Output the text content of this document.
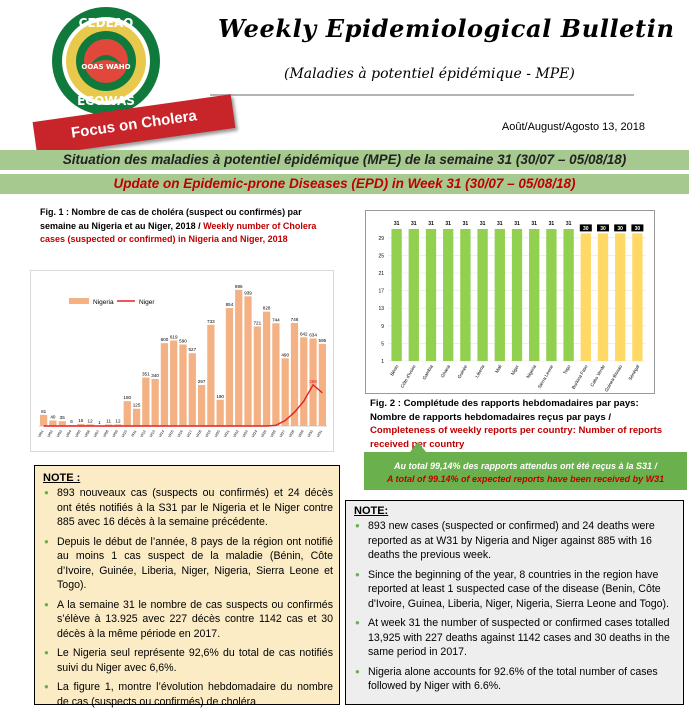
CEDEAO
OOAS WAHO
ECOWAS
Weekly Epidemiological Bulletin
(Maladies à potentiel épidémique - MPE)
Focus on Cholera	Août/August/Agosto 13, 2018
Situation des maladies à potentiel épidémique (MPE) de la semaine 31 (30/07 – 05/08/18)
Update on Epidemic-prone Diseases (EPD) in Week 31 (30/07 – 05/08/18)
Fig. 1 : Nombre de cas de choléra (suspect ou confirmés) par semaine au Nigeria et au Niger, 2018 / Weekly number of Cholera cases (suspected or confirmed) in Nigeria and Niger, 2018
Nigeria	Niger
81
W01
40
W02
35
W03
6
W04
15
W05
12
W06
1
W07
11
W08
12
W09
180
W10
125
W11
351
W12
340
W13
600
W14
619
W15
590
W16
527
W17
297
W18
733
W19
190
W20
854
W21
986
W22
939
W23
721
W24
828
W25
744
W26
490
W27
746
W28
642
W29
634
W30
595
W31
298
1
5
9
13
17
21
25
29
31
Bénin
31
Côte d'Ivoire
31
Gambia
31
Ghana
31
Guinée
31
Liberia
31
Mali
31
Niger
31
Nigeria
31
Sierra Leone
31
Togo
30
Burkina Faso
30
Cabo Verde
30
Guinea-Bissau
30
Sénégal
Fig. 2 : Complétude des rapports hebdomadaires par pays: Nombre de rapports hebdomadaires reçus par pays / Completeness of weekly reports per country: Number of reports received per country
Au total 99,14% des rapports attendus ont été reçus à la S31 /
A total of 99.14% of expected reports have been received by W31
NOTE :
● 893 nouveaux cas (suspects ou confirmés) et 24 décès ont étés notifiés à la S31 par le Nigeria et le Niger contre 885 avec 16 décès à la semaine précédente.
● Depuis le début de l’année, 8 pays de la région ont notifié au moins 1 cas suspect de la maladie (Bénin, Côte d’Ivoire, Guinée, Liberia, Niger, Nigeria, Sierra Leone et Togo).
● A la semaine 31 le nombre de cas suspects ou confirmés s’élève à 13.925 avec 227 décès contre 1142 cas et 30 décès à la même période en 2017.
● Le Nigeria seul représente 92,6% du total de cas notifiés suivi du Niger avec 6,6%.
● La figure 1, montre l’évolution hebdomadaire du nombre de cas (suspects ou confirmés) de choléra
NOTE:
● 893 new cases (suspected or confirmed) and 24 deaths were reported as at W31 by Nigeria and Niger against 885 with 16 deaths the previous week.
● Since the beginning of the year, 8 countries in the region have reported at least 1 suspected case of the disease (Benin, Côte d'Ivoire, Guinea, Liberia, Niger, Nigeria, Sierra Leone and Togo).
● At week 31 the number of suspected or confirmed cases totalled 13,925 with 227 deaths against 1142 cases and 30 deaths in the same period in 2017.
● Nigeria alone accounts for 92.6% of the total number of cases followed by Niger with 6.6%.
